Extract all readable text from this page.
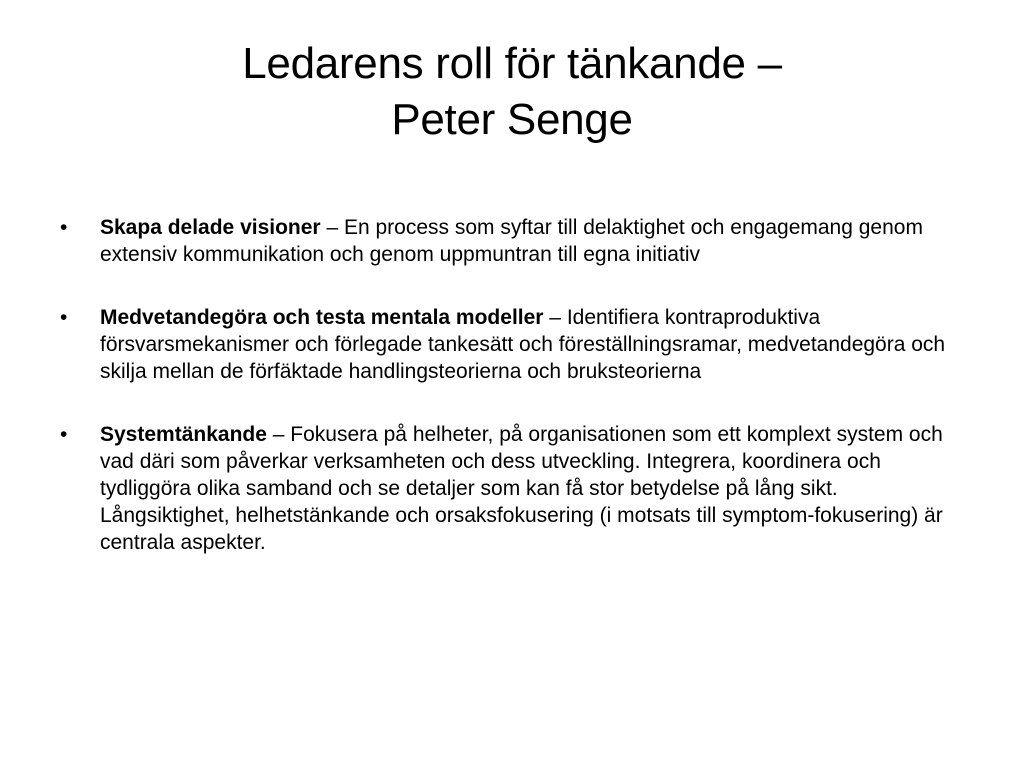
Ledarens roll för tänkande –
Peter Senge
•	Skapa delade visioner – En process som syftar till delaktighet och engagemang genom extensiv kommunikation och genom uppmuntran till egna initiativ
•	Medvetandegöra och testa mentala modeller – Identifiera kontraproduktiva försvarsmekanismer och förlegade tankesätt och föreställningsramar, medvetandegöra och skilja mellan de förfäktade handlingsteorierna och bruksteorierna
•	Systemtänkande – Fokusera på helheter, på organisationen som ett komplext system och vad däri som påverkar verksamheten och dess utveckling. Integrera, koordinera och tydliggöra olika samband och se detaljer som kan få stor betydelse på lång sikt. Långsiktighet, helhetstänkande och orsaksfokusering (i motsats till symptom-fokusering) är centrala aspekter.
